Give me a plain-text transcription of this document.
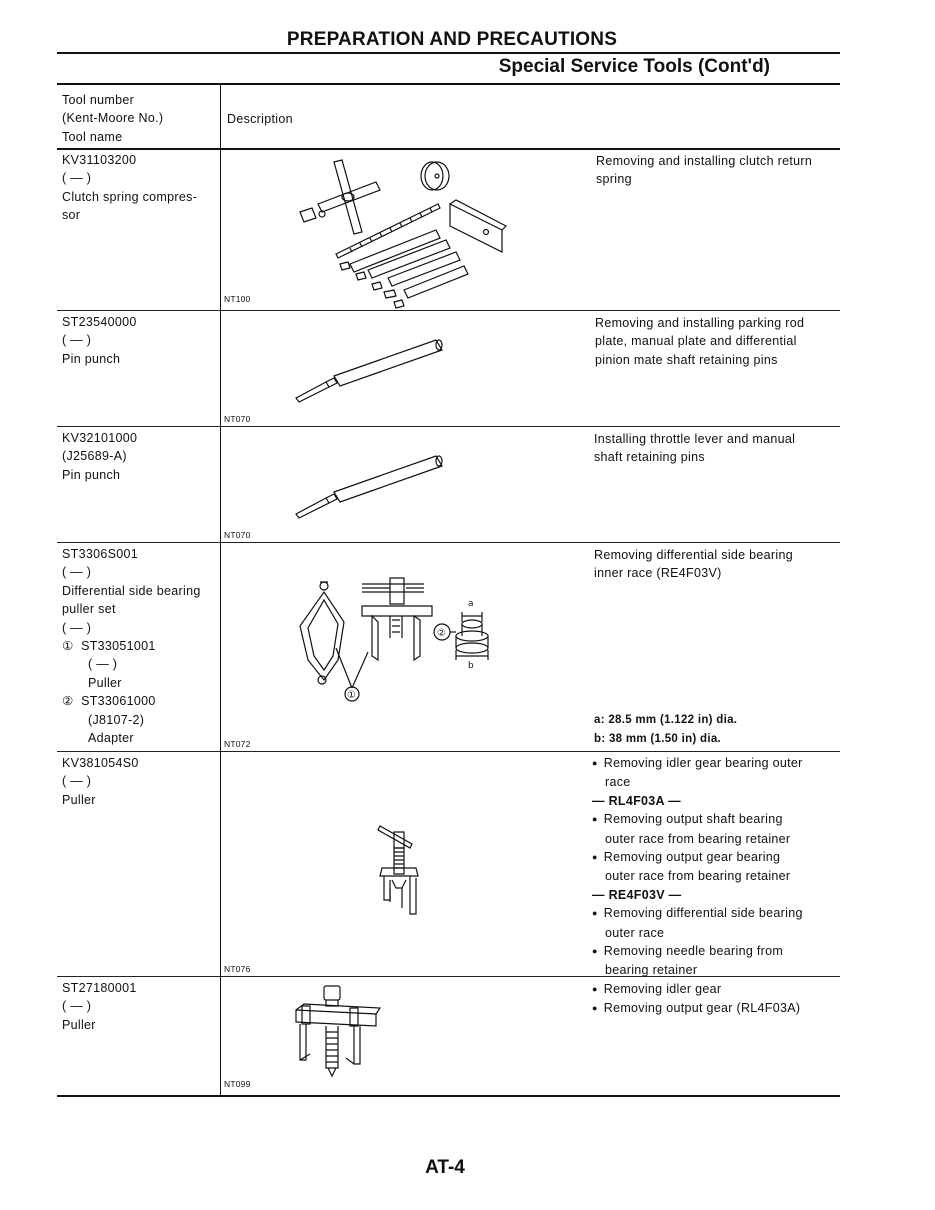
PREPARATION AND PRECAUTIONS
Special Service Tools (Cont'd)
Tool number
(Kent-Moore No.)
Tool name
Description
KV31103200
( — )
Clutch spring compres-
sor
Removing and installing clutch return
spring
NT100
ST23540000
( — )
Pin punch
Removing and installing parking rod
plate, manual plate and differential
pinion mate shaft retaining pins
NT070
KV32101000
(J25689-A)
Pin punch
Installing throttle lever and manual
shaft retaining pins
NT070
ST3306S001
( — )
Differential side bearing
puller set
( — )
① ST33051001
( — )
Puller
② ST33061000
(J8107-2)
Adapter
Removing differential side bearing
inner race (RE4F03V)
a: 28.5 mm (1.122 in) dia.
b: 38 mm (1.50 in) dia.
NT072
②
a
b
①
KV381054S0
( — )
Puller
● Removing idler gear bearing outer
race
— RL4F03A —
● Removing output shaft bearing
outer race from bearing retainer
● Removing output gear bearing
outer race from bearing retainer
— RE4F03V —
● Removing differential side bearing
outer race
● Removing needle bearing from
bearing retainer
NT076
ST27180001
( — )
Puller
● Removing idler gear
● Removing output gear (RL4F03A)
NT099
AT-4
